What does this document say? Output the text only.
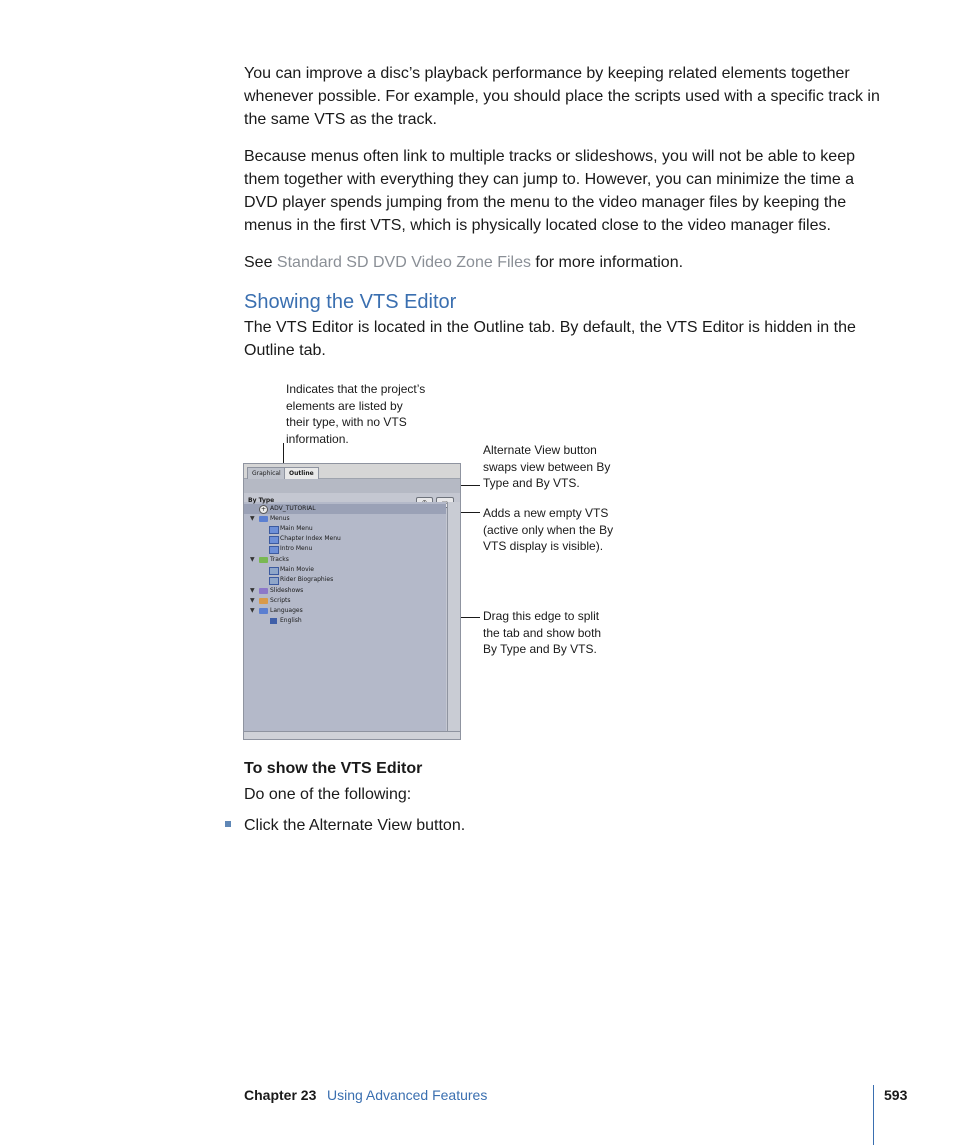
You can improve a disc’s playback performance by keeping related elements together whenever possible. For example, you should place the scripts used with a specific track in the same VTS as the track.

Because menus often link to multiple tracks or slideshows, you will not be able to keep them together with everything they can jump to. However, you can minimize the time a DVD player spends jumping from the menu to the video manager files by keeping the menus in the first VTS, which is physically located close to the video manager files.

See Standard SD DVD Video Zone Files for more information.

Showing the VTS Editor

The VTS Editor is located in the Outline tab. By default, the VTS Editor is hidden in the Outline tab.

Indicates that the project’s elements are listed by their type, with no VTS information.
Alternate View button swaps view between By Type and By VTS.
Adds a new empty VTS (active only when the By VTS display is visible).
Drag this edge to split the tab and show both By Type and By VTS.
Graphical	Outline
By Type
+ ADV_TUTORIAL
▼	Menus
Main Menu
Chapter Index Menu
Intro Menu
▼	Tracks
Main Movie
Rider Biographies
▼	Slideshows
▼	Scripts
▼	Languages
English
To show the VTS Editor

Do one of the following:

Click the Alternate View button.

Chapter 23 Using Advanced Features	593
